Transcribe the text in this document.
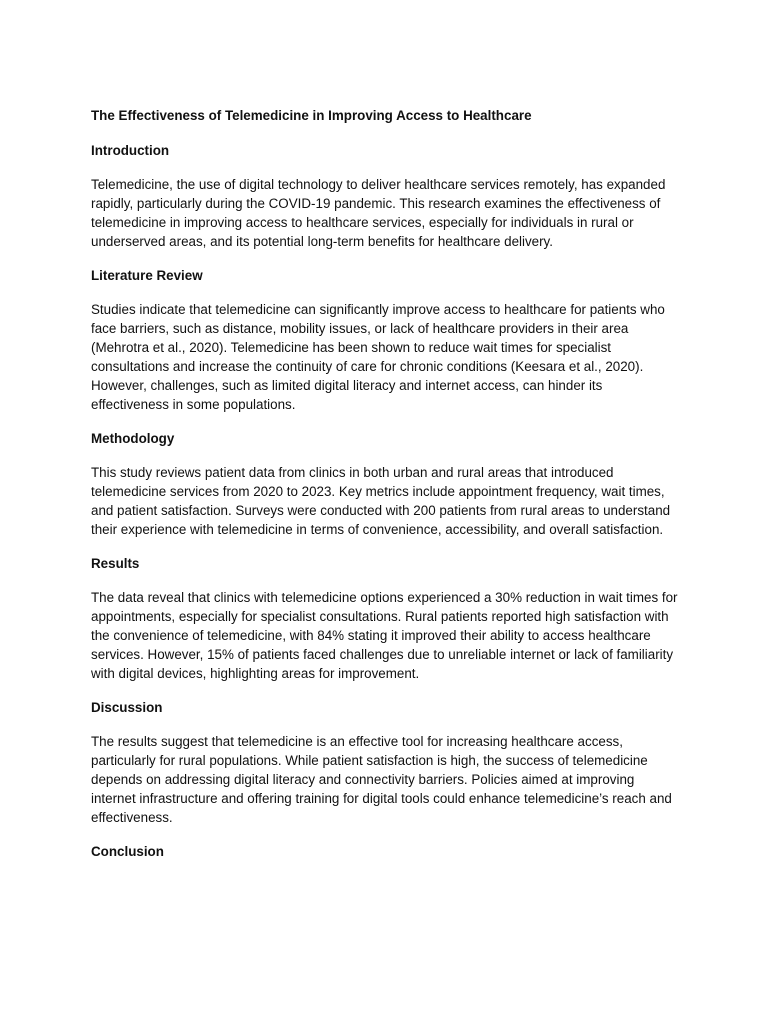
The Effectiveness of Telemedicine in Improving Access to Healthcare
Introduction
Telemedicine, the use of digital technology to deliver healthcare services remotely, has expanded rapidly, particularly during the COVID-19 pandemic. This research examines the effectiveness of telemedicine in improving access to healthcare services, especially for individuals in rural or underserved areas, and its potential long-term benefits for healthcare delivery.
Literature Review
Studies indicate that telemedicine can significantly improve access to healthcare for patients who face barriers, such as distance, mobility issues, or lack of healthcare providers in their area (Mehrotra et al., 2020). Telemedicine has been shown to reduce wait times for specialist consultations and increase the continuity of care for chronic conditions (Keesara et al., 2020). However, challenges, such as limited digital literacy and internet access, can hinder its effectiveness in some populations.
Methodology
This study reviews patient data from clinics in both urban and rural areas that introduced telemedicine services from 2020 to 2023. Key metrics include appointment frequency, wait times, and patient satisfaction. Surveys were conducted with 200 patients from rural areas to understand their experience with telemedicine in terms of convenience, accessibility, and overall satisfaction.
Results
The data reveal that clinics with telemedicine options experienced a 30% reduction in wait times for appointments, especially for specialist consultations. Rural patients reported high satisfaction with the convenience of telemedicine, with 84% stating it improved their ability to access healthcare services. However, 15% of patients faced challenges due to unreliable internet or lack of familiarity with digital devices, highlighting areas for improvement.
Discussion
The results suggest that telemedicine is an effective tool for increasing healthcare access, particularly for rural populations. While patient satisfaction is high, the success of telemedicine depends on addressing digital literacy and connectivity barriers. Policies aimed at improving internet infrastructure and offering training for digital tools could enhance telemedicine’s reach and effectiveness.
Conclusion
